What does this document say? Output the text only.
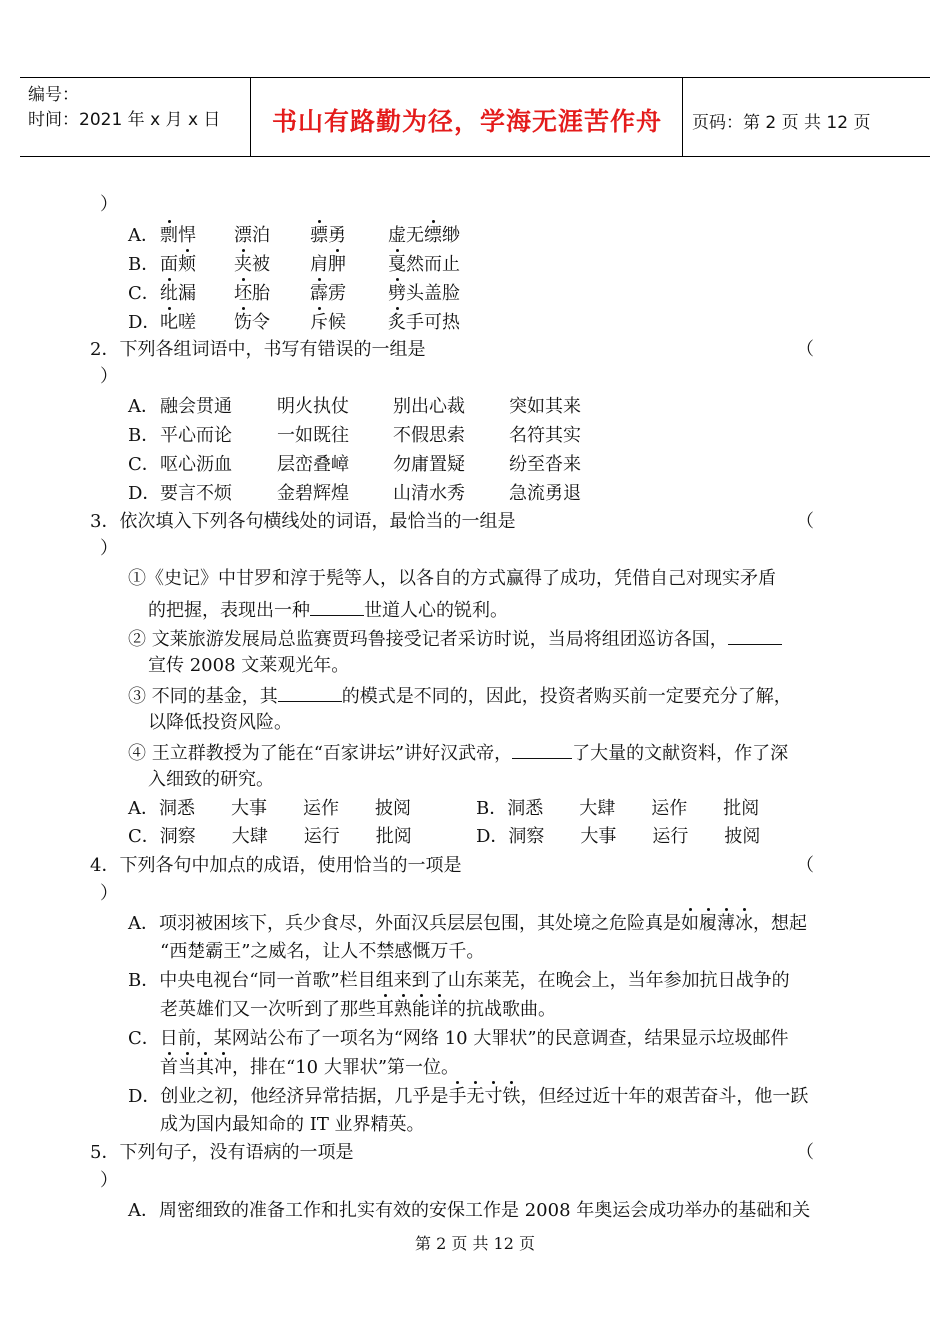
编号：
时间：2021 年 x 月 x 日	书山有路勤为径，学海无涯苦作舟	页码：第 2 页 共 12 页
）
A． 剽悍 漂泊 骠勇 虚无缥缈
B． 面颊 夹被 肩胛 戛然而止
C． 纰漏 坯胎 霹雳 劈头盖脸
D． 叱嗟 饬令 斥候 炙手可热
2．下列各组词语中，书写有错误的一组是	（
）
A． 融会贯通	明火执仗 别出心裁 突如其来
B． 平心而论	一如既往 不假思索 名符其实
C． 呕心沥血	层峦叠嶂 勿庸置疑 纷至沓来
D． 要言不烦	金碧辉煌 山清水秀 急流勇退
3．依次填入下列各句横线处的词语，最恰当的一组是	（
）
①《史记》中甘罗和淳于髡等人，以各自的方式赢得了成功，凭借自己对现实矛盾
的把握，表现出一种	世道人心的锐利。
② 文莱旅游发展局总监赛贾玛鲁接受记者采访时说，当局将组团巡访各国，
宣传 2008 文莱观光年。
③ 不同的基金，其	的模式是不同的，因此，投资者购买前一定要充分了解，
以降低投资风险。
④ 王立群教授为了能在“百家讲坛”讲好汉武帝，	了大量的文献资料，作了深
入细致的研究。
A．洞悉　　大事　　运作　　披阅	B．洞悉　　大肆　　运作　　批阅
C．洞察　　大肆　　运行　　批阅	D．洞察　　大事　　运行　　披阅
4．下列各句中加点的成语，使用恰当的一项是	（
）
A．项羽被困垓下，兵少食尽，外面汉兵层层包围，其处境之危险真是如履薄冰，想起
“西楚霸王”之威名，让人不禁感慨万千。
B．中央电视台“同一首歌”栏目组来到了山东莱芜，在晚会上，当年参加抗日战争的
老英雄们又一次听到了那些耳熟能详的抗战歌曲。
C．日前，某网站公布了一项名为“网络 10 大罪状”的民意调查，结果显示垃圾邮件
首当其冲，排在“10 大罪状”第一位。
D．创业之初，他经济异常拮据，几乎是手无寸铁，但经过近十年的艰苦奋斗，他一跃
成为国内最知命的 IT 业界精英。
5．下列句子，没有语病的一项是	（
）
A．周密细致的准备工作和扎实有效的安保工作是 2008 年奥运会成功举办的基础和关
第 2 页 共 12 页
